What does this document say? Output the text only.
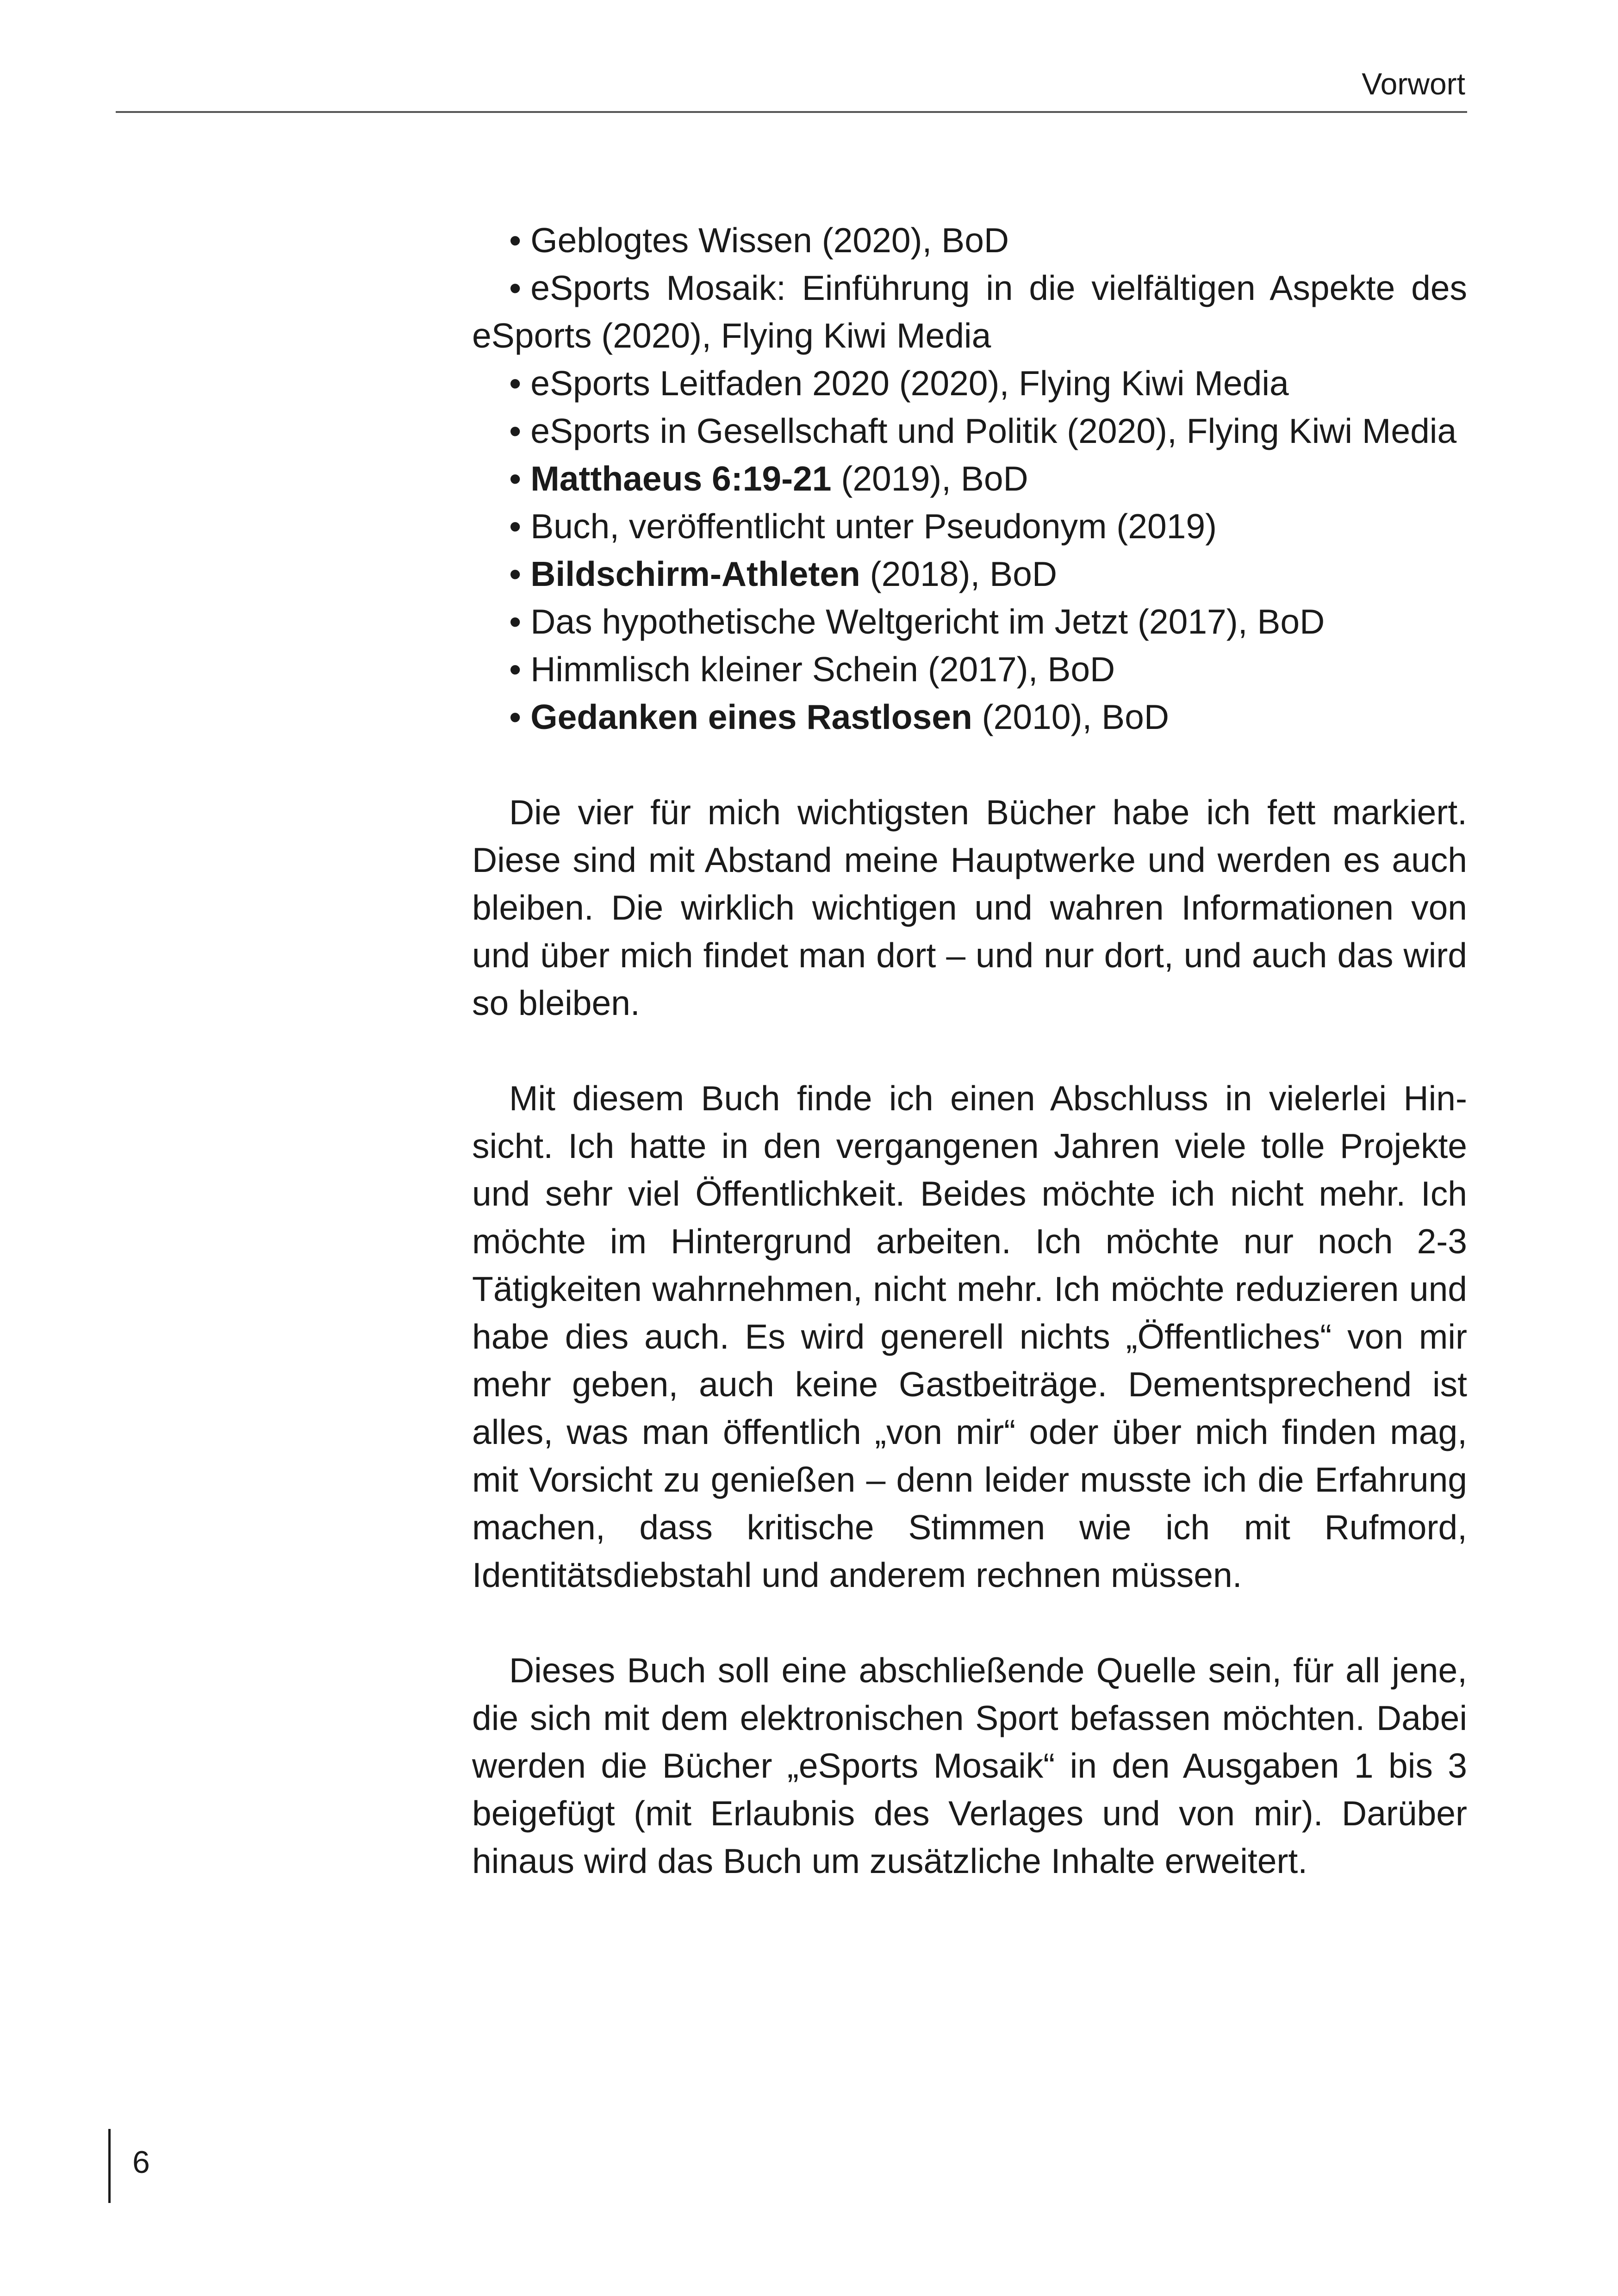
Vorwort
• Geblogtes Wissen (2020), BoD
• eSports Mosaik: Einführung in die vielfältigen Aspekte des eSports (2020), Flying Kiwi Media
• eSports Leitfaden 2020 (2020), Flying Kiwi Media
• eSports in Gesellschaft und Politik (2020), Flying Kiwi Media
• Matthaeus 6:19-21 (2019), BoD
• Buch, veröffentlicht unter Pseudonym (2019)
• Bildschirm-Athleten (2018), BoD
• Das hypothetische Weltgericht im Jetzt (2017), BoD
• Himmlisch kleiner Schein (2017), BoD
• Gedanken eines Rastlosen (2010), BoD

Die vier für mich wichtigsten Bücher habe ich fett markiert. Diese sind mit Abstand meine Hauptwerke und werden es auch bleiben. Die wirklich wichtigen und wahren Informationen von und über mich findet man dort – und nur dort, und auch das wird so bleiben.

Mit diesem Buch finde ich einen Abschluss in vielerlei Hinsicht. Ich hatte in den vergangenen Jahren viele tolle Projekte und sehr viel Öffentlichkeit. Beides möchte ich nicht mehr. Ich möchte im Hintergrund arbeiten. Ich möchte nur noch 2-3 Tätigkeiten wahrnehmen, nicht mehr. Ich möchte reduzieren und habe dies auch. Es wird generell nichts „Öffentliches“ von mir mehr geben, auch keine Gastbeiträge. Dementsprechend ist alles, was man öffentlich „von mir“ oder über mich finden mag, mit Vorsicht zu genießen – denn leider musste ich die Erfahrung machen, dass kritische Stimmen wie ich mit Rufmord, Identitätsdiebstahl und anderem rechnen müssen.

Dieses Buch soll eine abschließende Quelle sein, für all jene, die sich mit dem elektronischen Sport befassen möchten. Dabei werden die Bücher „eSports Mosaik“ in den Ausgaben 1 bis 3 beigefügt (mit Erlaubnis des Verlages und von mir). Darüber hinaus wird das Buch um zusätzliche Inhalte erweitert.

6
